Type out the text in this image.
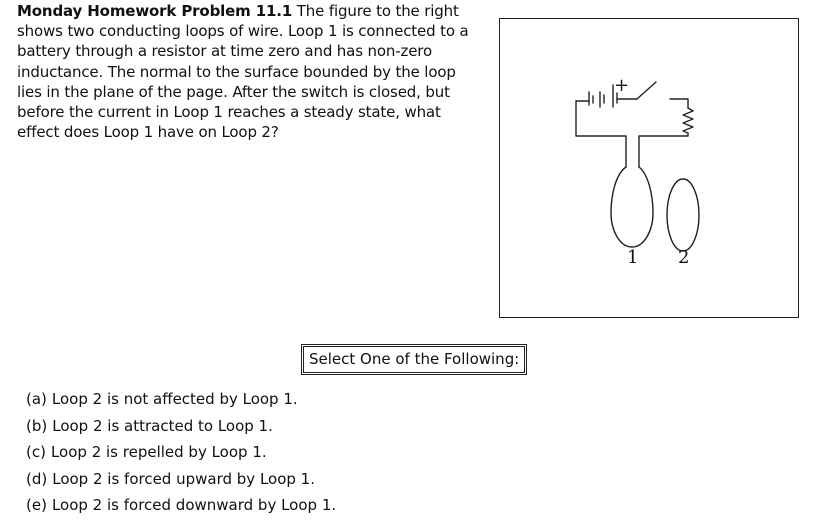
Monday Homework Problem 11.1 The figure to the right shows two conducting loops of wire. Loop 1 is connected to a battery through a resistor at time zero and has non-zero inductance. The normal to the surface bounded by the loop lies in the plane of the page. After the switch is closed, but before the current in Loop 1 reaches a steady state, what effect does Loop 1 have on Loop 2?

+
1 2
Select One of the Following:
(a) Loop 2 is not affected by Loop 1.
(b) Loop 2 is attracted to Loop 1.
(c) Loop 2 is repelled by Loop 1.
(d) Loop 2 is forced upward by Loop 1.
(e) Loop 2 is forced downward by Loop 1.
